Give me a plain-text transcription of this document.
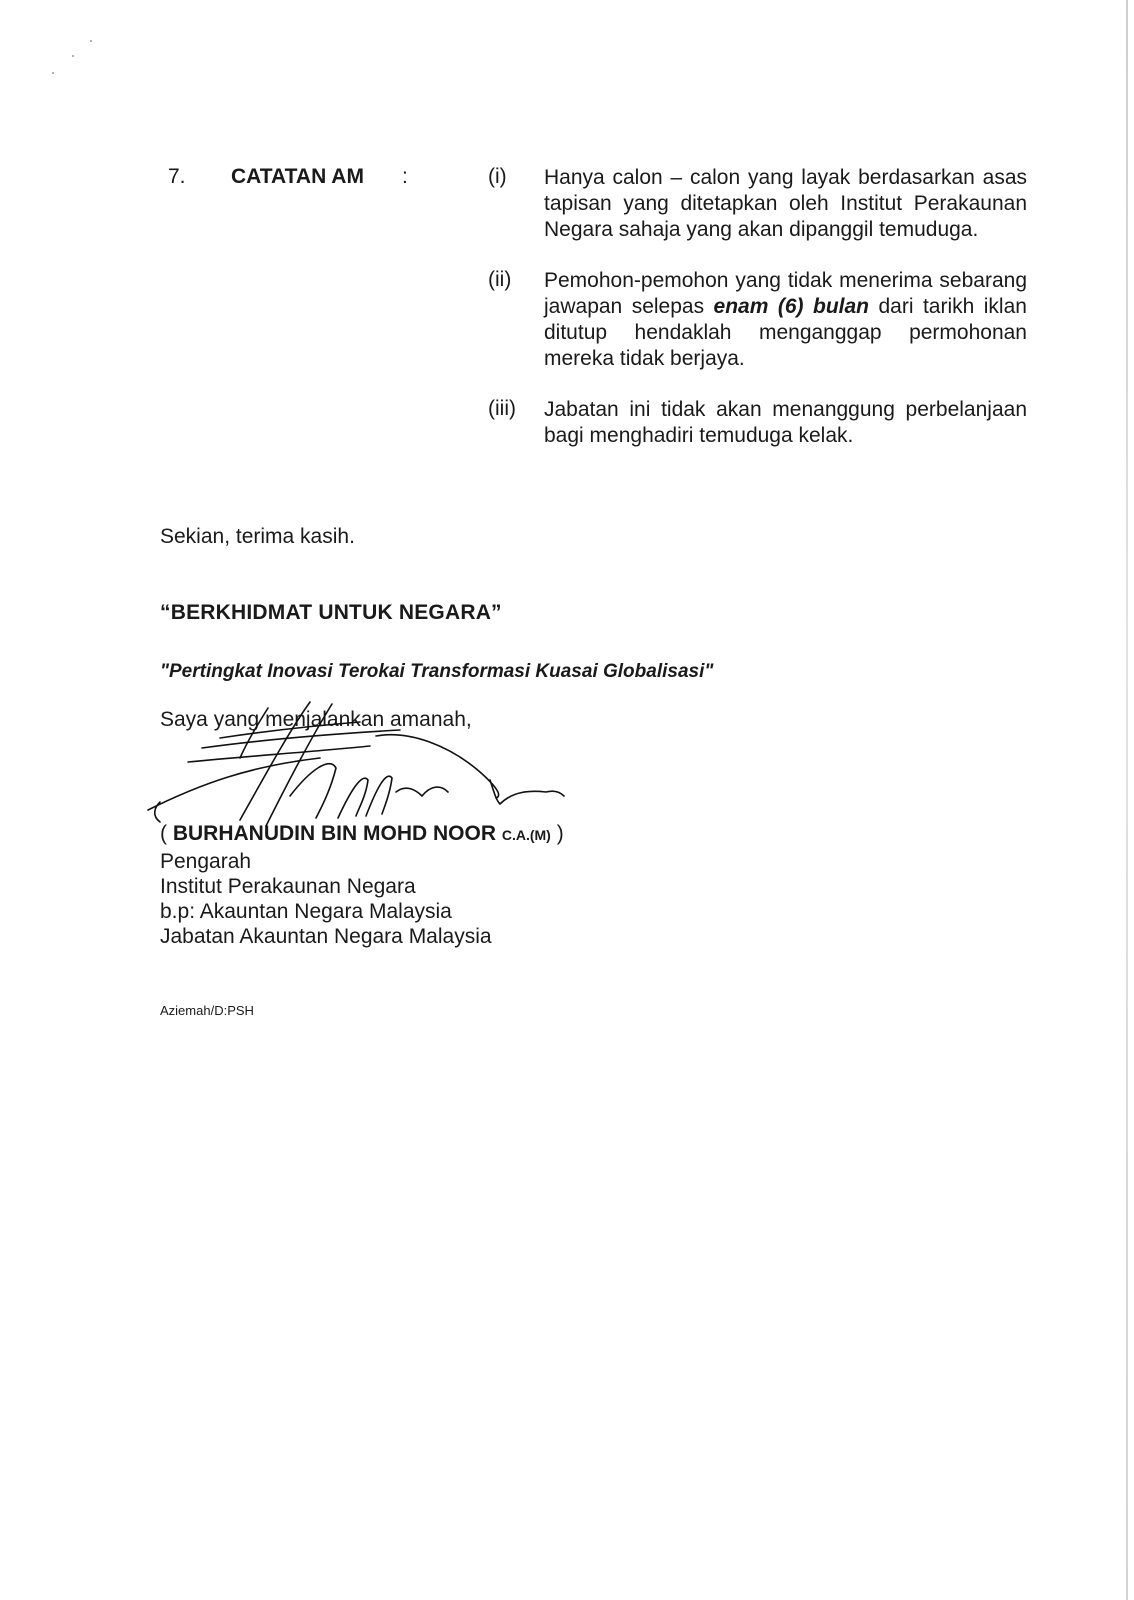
7. CATATAN AM :	(i) Hanya calon – calon yang layak berdasarkan asas tapisan yang ditetapkan oleh Institut Perakaunan Negara sahaja yang akan dipanggil temuduga.
(ii) Pemohon-pemohon yang tidak menerima sebarang jawapan selepas enam (6) bulan dari tarikh iklan ditutup hendaklah menganggap permohonan mereka tidak berjaya.
(iii) Jabatan ini tidak akan menanggung perbelanjaan bagi menghadiri temuduga kelak.
Sekian, terima kasih.
“BERKHIDMAT UNTUK NEGARA”
"Pertingkat Inovasi Terokai Transformasi Kuasai Globalisasi"
Saya yang menjalankan amanah,
( BURHANUDIN BIN MOHD NOOR C.A.(M) )
Pengarah
Institut Perakaunan Negara
b.p: Akauntan Negara Malaysia
Jabatan Akauntan Negara Malaysia
Aziemah/D:PSH
